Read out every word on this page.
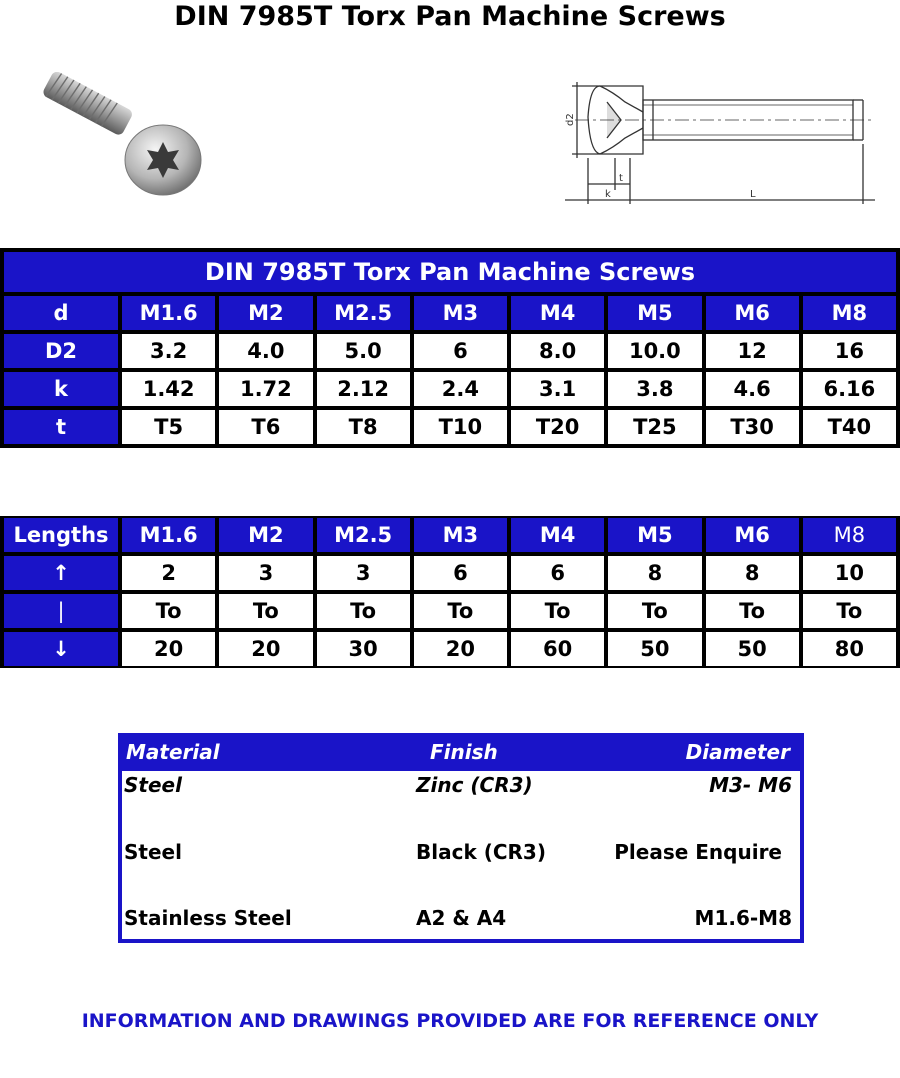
DIN 7985T Torx Pan Machine Screws
d2
t
k	L
DIN 7985T Torx Pan Machine Screws
d	M1.6	M2	M2.5	M3	M4	M5	M6	M8
D2	3.2	4.0	5.0	6	8.0	10.0	12	16
k	1.42	1.72	2.12	2.4	3.1	3.8	4.6	6.16
t	T5	T6	T8	T10	T20	T25	T30	T40
Lengths	M1.6	M2	M2.5	M3	M4	M5	M6	M8
↑	2	3	3	6	6	8	8	10
|	To	To	To	To	To	To	To	To
↓	20	20	30	20	60	50	50	80
Material	Finish	Diameter
Steel	Zinc (CR3)	M3- M6
Steel	Black (CR3)	Please Enquire
Stainless Steel	A2 & A4	M1.6-M8
INFORMATION AND DRAWINGS PROVIDED ARE FOR REFERENCE ONLY
